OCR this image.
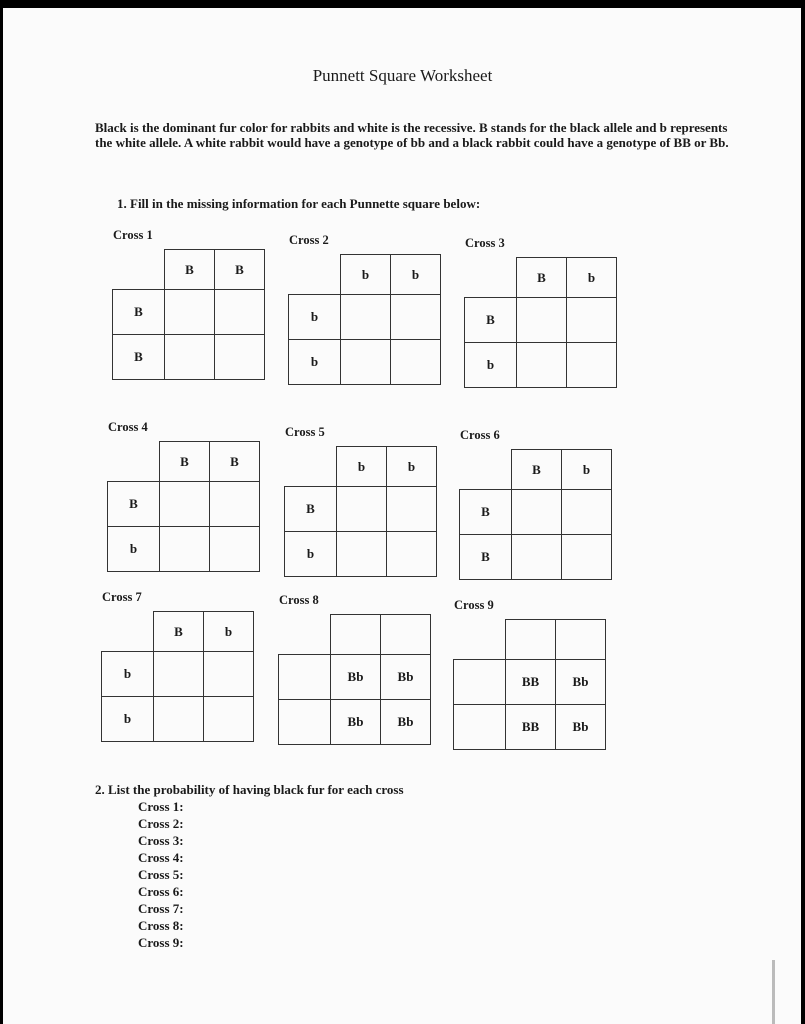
Punnett Square Worksheet
Black is the dominant fur color for rabbits and white is the recessive. B stands for the black allele and b represents the white allele. A white rabbit would have a genotype of bb and a black rabbit could have a genotype of BB or Bb.
1. Fill in the missing information for each Punnette square below:
Cross 1
B	B
B
B
Cross 2
b	b
b
b
Cross 3
B	b
B
b
Cross 4
B	B
B
b
Cross 5
b	b
B
b
Cross 6
B	b
B
B
Cross 7
B	b
b
b
Cross 8
Bb	Bb
Bb	Bb
Cross 9
BB	Bb
BB	Bb
2. List the probability of having black fur for each cross
Cross 1:
Cross 2:
Cross 3:
Cross 4:
Cross 5:
Cross 6:
Cross 7:
Cross 8:
Cross 9:
